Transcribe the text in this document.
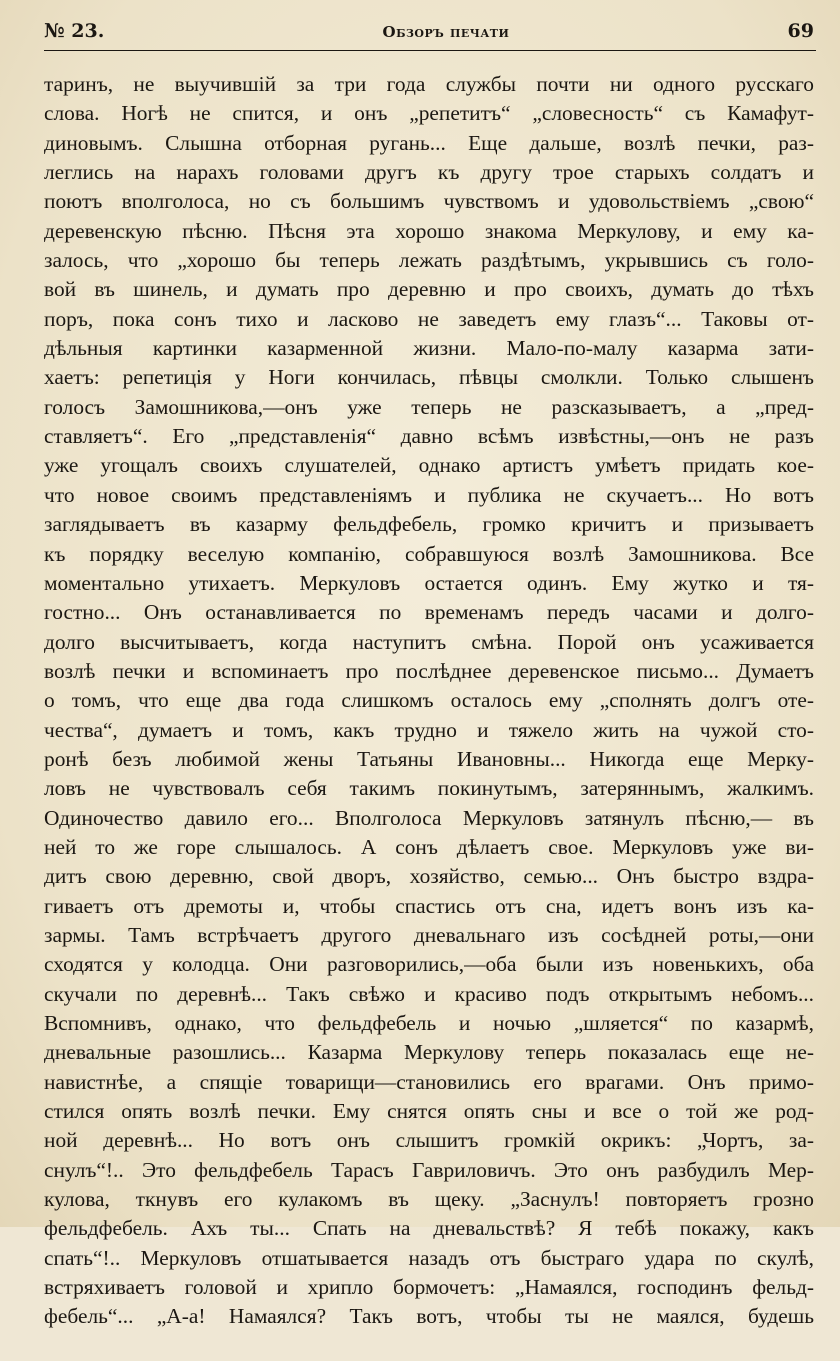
№ 23.	Обзоръ печати	69
таринъ, не выучившiй за три года службы почти ни одного русскаго
слова. Ногѣ не спится, и онъ „репетитъ“ „словесность“ съ Камафут-
диновымъ. Слышна отборная ругань... Еще дальше, возлѣ печки, раз-
леглись на нарахъ головами другъ къ другу трое старыхъ солдатъ и
поютъ вполголоса, но съ большимъ чувствомъ и удовольствiемъ „свою“
деревенскую пѣсню. Пѣсня эта хорошо знакома Меркулову, и ему ка-
залось, что „хорошо бы теперь лежать раздѣтымъ, укрывшись съ голо-
вой въ шинель, и думать про деревню и про своихъ, думать до тѣхъ
поръ, пока сонъ тихо и ласково не заведетъ ему глазъ“... Таковы от-
дѣльныя картинки казарменной жизни. Мало-по-малу казарма зати-
хаетъ: репетицiя у Ноги кончилась, пѣвцы смолкли. Только слышенъ
голосъ Замошникова,—онъ уже теперь не разсказываетъ, а „пред-
ставляетъ“. Его „представленiя“ давно всѣмъ извѣстны,—онъ не разъ
уже угощалъ своихъ слушателей, однако артистъ умѣетъ придать кое-
что новое своимъ представленiямъ и публика не скучаетъ... Но вотъ
заглядываетъ въ казарму фельдфебель, громко кричитъ и призываетъ
къ порядку веселую компанiю, собравшуюся возлѣ Замошникова. Все
моментально утихаетъ. Меркуловъ остается одинъ. Ему жутко и тя-
гостно... Онъ останавливается по временамъ передъ часами и долго-
долго высчитываетъ, когда наступитъ смѣна. Порой онъ усаживается
возлѣ печки и вспоминаетъ про послѣднее деревенское письмо... Думаетъ
о томъ, что еще два года слишкомъ осталось ему „сполнять долгъ оте-
чества“, думаетъ и томъ, какъ трудно и тяжело жить на чужой сто-
ронѣ безъ любимой жены Татьяны Ивановны... Никогда еще Мерку-
ловъ не чувствовалъ себя такимъ покинутымъ, затеряннымъ, жалкимъ.
Одиночество давило его... Вполголоса Меркуловъ затянулъ пѣсню,— въ
ней то же горе слышалось. А сонъ дѣлаетъ свое. Меркуловъ уже ви-
дитъ свою деревню, свой дворъ, хозяйство, семью... Онъ быстро вздра-
гиваетъ отъ дремоты и, чтобы спастись отъ сна, идетъ вонъ изъ ка-
зармы. Тамъ встрѣчаетъ другого дневальнаго изъ сосѣдней роты,—они
сходятся у колодца. Они разговорились,—оба были изъ новенькихъ, оба
скучали по деревнѣ... Такъ свѣжо и красиво подъ открытымъ небомъ...
Вспомнивъ, однако, что фельдфебель и ночью „шляется“ по казармѣ,
дневальные разошлись... Казарма Меркулову теперь показалась еще не-
навистнѣе, а спящiе товарищи—становились его врагами. Онъ примо-
стился опять возлѣ печки. Ему снятся опять сны и все о той же род-
ной деревнѣ... Но вотъ онъ слышитъ громкiй окрикъ: „Чортъ, за-
снулъ“!.. Это фельдфебель Тарасъ Гавриловичъ. Это онъ разбудилъ Мер-
кулова, ткнувъ его кулакомъ въ щеку. „Заснулъ! повторяетъ грозно
фельдфебель. Ахъ ты... Спать на дневальствѣ? Я тебѣ покажу, какъ
спать“!.. Меркуловъ отшатывается назадъ отъ быстраго удара по скулѣ,
встряхиваетъ головой и хрипло бормочетъ: „Намаялся, господинъ фельд-
фебель“... „А-а! Намаялся? Такъ вотъ, чтобы ты не маялся, будешь
